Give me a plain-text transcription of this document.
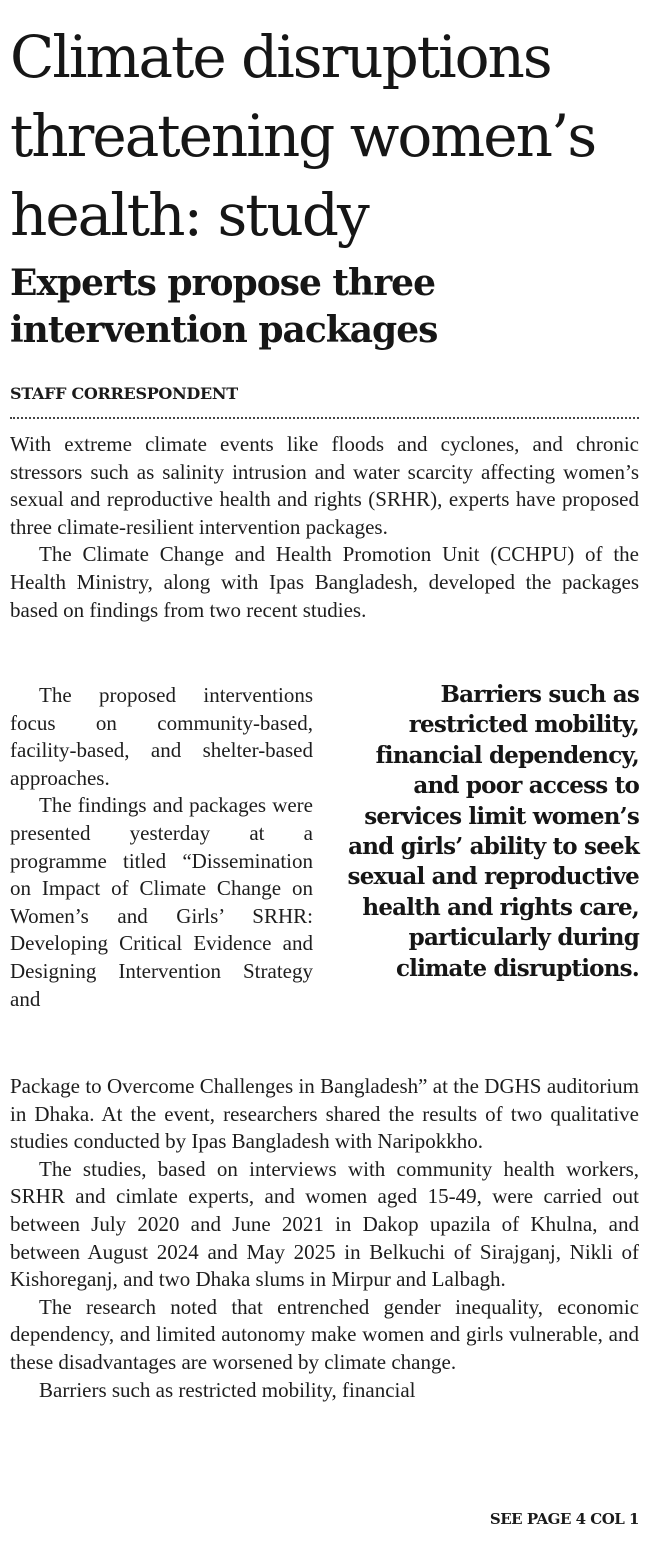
Climate disruptions threatening women’s health: study
Experts propose three intervention packages
STAFF CORRESPONDENT

With extreme climate events like floods and cyclones, and chronic stressors such as salinity intrusion and water scarcity affecting women’s sexual and reproductive health and rights (SRHR), experts have proposed three climate-resilient intervention packages.

The Climate Change and Health Promotion Unit (CCHPU) of the Health Ministry, along with Ipas Bangladesh, developed the packages based on findings from two recent studies.

The proposed interventions focus on community-based, facility-based, and shelter-based approaches.

The findings and packages were presented yesterday at a programme titled “Dissemination on Impact of Climate Change on Women’s and Girls’ SRHR: Developing Critical Evidence and Designing Intervention Strategy and

Barriers such as restricted mobility, financial dependency, and poor access to services limit women’s and girls’ ability to seek sexual and reproductive health and rights care, particularly during climate disruptions.

Package to Overcome Challenges in Bangladesh” at the DGHS auditorium in Dhaka. At the event, researchers shared the results of two qualitative studies conducted by Ipas Bangladesh with Naripokkho.

The studies, based on interviews with community health workers, SRHR and cimlate experts, and women aged 15-49, were carried out between July 2020 and June 2021 in Dakop upazila of Khulna, and between August 2024 and May 2025 in Belkuchi of Sirajganj, Nikli of Kishoreganj, and two Dhaka slums in Mirpur and Lalbagh.

The research noted that entrenched gender inequality, economic dependency, and limited autonomy make women and girls vulnerable, and these disadvantages are worsened by climate change.

Barriers such as restricted mobility, financial

SEE PAGE 4 COL 1
